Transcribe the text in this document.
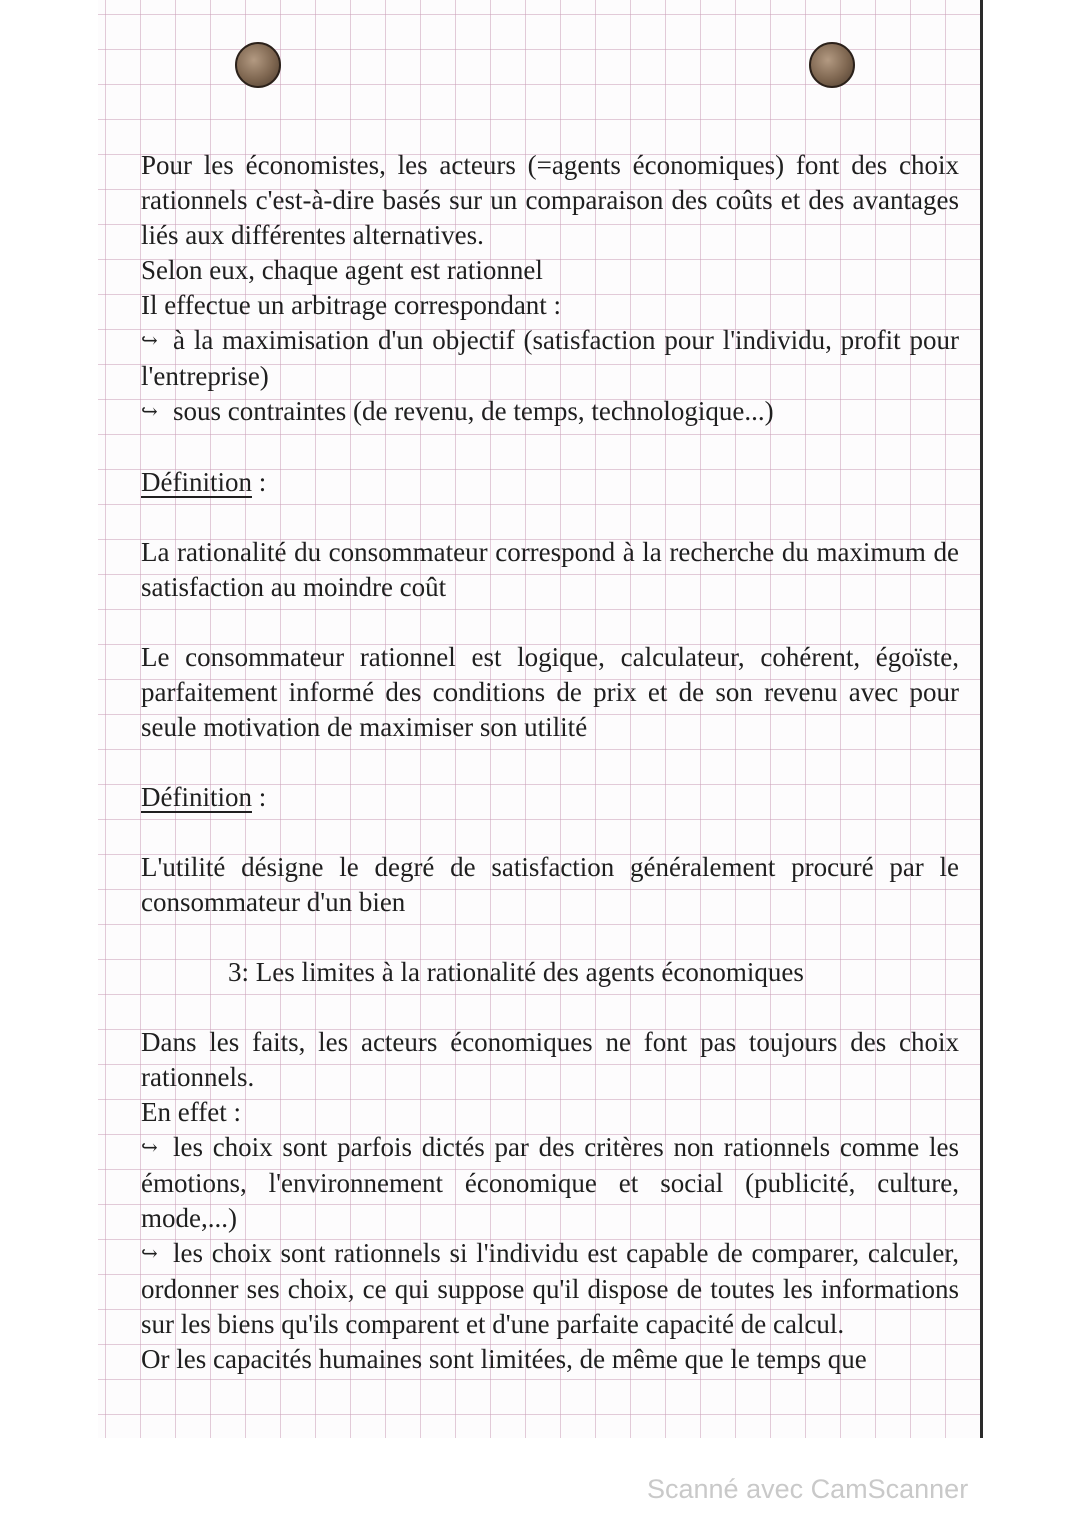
Pour les économistes, les acteurs (=agents économiques) font des choix rationnels c'est-à-dire basés sur un comparaison des coûts et des avantages liés aux différentes alternatives.

Selon eux, chaque agent est rationnel

Il effectue un arbitrage correspondant :

↪ à la maximisation d'un objectif (satisfaction pour l'individu, profit pour l'entreprise)

↪ sous contraintes (de revenu, de temps, technologique...)

Définition :

La rationalité du consommateur correspond à la recherche du maximum de satisfaction au moindre coût

Le consommateur rationnel est logique, calculateur, cohérent, égoïste, parfaitement informé des conditions de prix et de son revenu avec pour seule motivation de maximiser son utilité

Définition :

L'utilité désigne le degré de satisfaction généralement procuré par le consommateur d'un bien

3: Les limites à la rationalité des agents économiques

Dans les faits, les acteurs économiques ne font pas toujours des choix rationnels.

En effet :

↪ les choix sont parfois dictés par des critères non rationnels comme les émotions, l'environnement économique et social (publicité, culture, mode,...)

↪ les choix sont rationnels si l'individu est capable de comparer, calculer, ordonner ses choix, ce qui suppose qu'il dispose de toutes les informations sur les biens qu'ils comparent et d'une parfaite capacité de calcul.

Or les capacités humaines sont limitées, de même que le temps que

Scanné avec CamScanner
